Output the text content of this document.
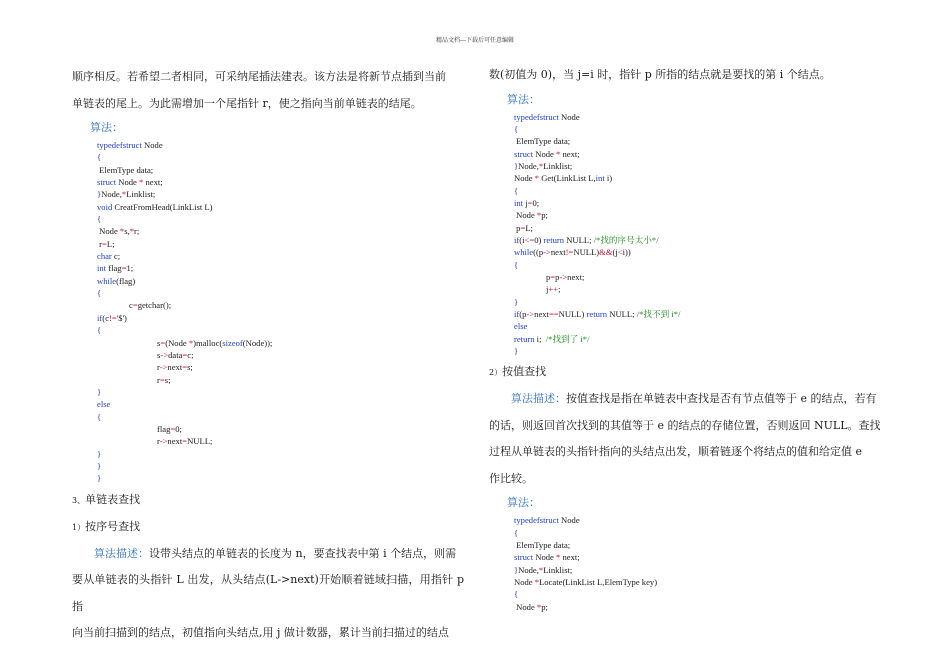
精品文档---下载后可任意编辑

顺序相反。若希望二者相同，可采纳尾插法建表。该方法是将新节点插到当前

单链表的尾上。为此需增加一个尾指针 r，使之指向当前单链表的结尾。

算法：

typedefstruct Node
{
ElemType data;
struct Node * next;
}Node,*Linklist;
void CreatFromHead(LinkList L)
{
Node *s,*r;
r=L;
char c;
int flag=1;
while(flag)
{
c=getchar();
if(c!='$')
{
s=(Node *)malloc(sizeof(Node));
s->data=c;
r->next=s;
r=s;
}
else
{
flag=0;
r->next=NULL;
}
}
}

3、单链表查找

1）按序号查找

算法描述：设带头结点的单链表的长度为 n，要查找表中第 i 个结点，则需

要从单链表的头指针 L 出发，从头结点(L->next)开始顺着链域扫描，用指针 p 指

向当前扫描到的结点，初值指向头结点,用 j 做计数器，累计当前扫描过的结点

数(初值为 0)，当 j=i 时，指针 p 所指的结点就是要找的第 i 个结点。

算法：

typedefstruct Node
{
ElemType data;
struct Node * next;
}Node,*Linklist;
Node * Get(LinkList L,int i)
{
int j=0;
Node *p;
p=L;
if(i<=0) return NULL; /*找的序号太小*/
while((p->next!=NULL)&&(j<i))
{
p=p->next;
j++;
}
if(p->next==NULL) return NULL; /*找不到 i*/
else
return i;  /*找到了 i*/
}

2）按值查找

算法描述：按值查找是指在单链表中查找是否有节点值等于 e 的结点，若有

的话，则返回首次找到的其值等于 e 的结点的存储位置，否则返回 NULL。查找

过程从单链表的头指针指向的头结点出发，顺着链逐个将结点的值和给定值 e

作比较。

算法：

typedefstruct Node
{
ElemType data;
struct Node * next;
}Node,*Linklist;
Node *Locate(LinkList L,ElemType key)
{
Node *p;
